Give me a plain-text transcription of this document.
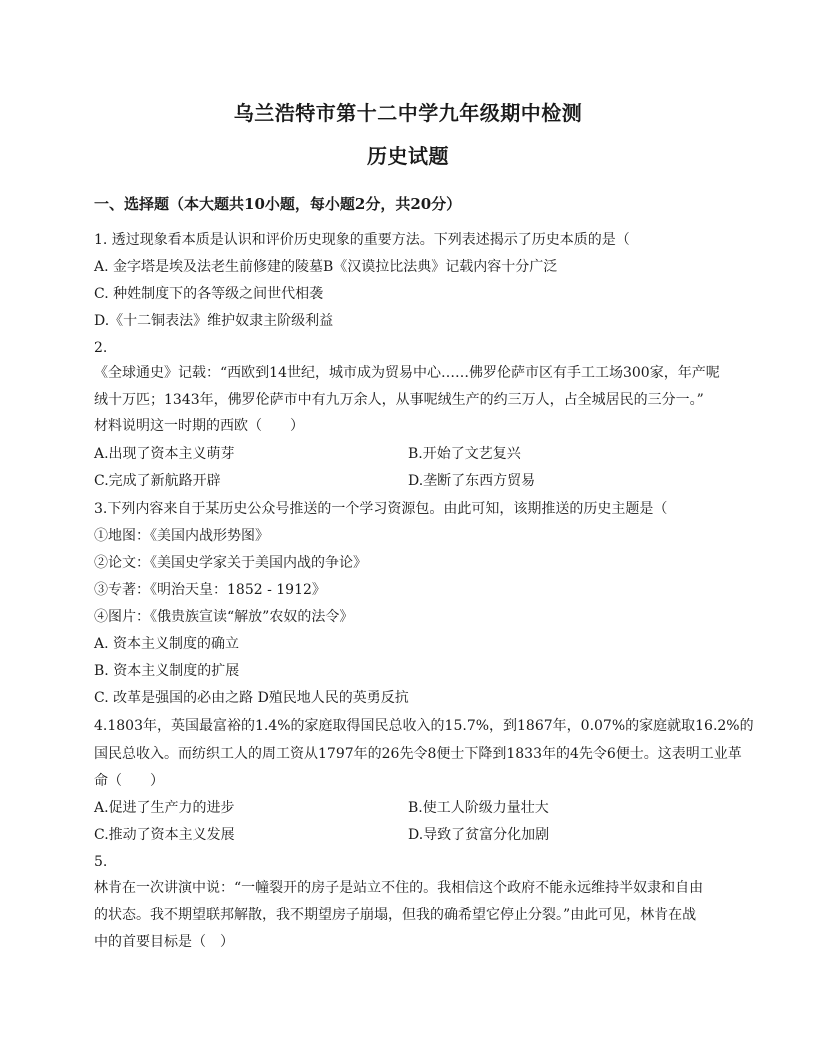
乌兰浩特市第十二中学九年级期中检测
历史试题
一、选择题（本大题共10小题，每小题2分，共20分）
1. 透过现象看本质是认识和评价历史现象的重要方法。下列表述揭示了历史本质的是（
A. 金字塔是埃及法老生前修建的陵墓B《汉谟拉比法典》记载内容十分广泛
C. 种姓制度下的各等级之间世代相袭
D.《十二铜表法》维护奴隶主阶级利益
2.
《全球通史》记载：“西欧到14世纪，城市成为贸易中心……佛罗伦萨市区有手工工场300家，年产呢
绒十万匹；1343年，佛罗伦萨市中有九万余人，从事呢绒生产的约三万人，占全城居民的三分一。”
材料说明这一时期的西欧（　　）
A.出现了资本主义萌芽	B.开始了文艺复兴
C.完成了新航路开辟	D.垄断了东西方贸易
3.下列内容来自于某历史公众号推送的一个学习资源包。由此可知，该期推送的历史主题是（
①地图：《美国内战形势图》
②论文：《美国史学家关于美国内战的争论》
③专著：《明治天皇：1852 - 1912》
④图片：《俄贵族宣读“解放”农奴的法令》
A. 资本主义制度的确立
B. 资本主义制度的扩展
C. 改革是强国的必由之路 D殖民地人民的英勇反抗
4.1803年，英国最富裕的1.4%的家庭取得国民总收入的15.7%，到1867年，0.07%的家庭就取16.2%的
国民总收入。而纺织工人的周工资从1797年的26先令8便士下降到1833年的4先令6便士。这表明工业革
命（　　）
A.促进了生产力的进步	B.使工人阶级力量壮大
C.推动了资本主义发展	D.导致了贫富分化加剧
5.
林肯在一次讲演中说：“一幢裂开的房子是站立不住的。我相信这个政府不能永远维持半奴隶和自由
的状态。我不期望联邦解散，我不期望房子崩塌，但我的确希望它停止分裂。”由此可见，林肯在战
中的首要目标是（　）
